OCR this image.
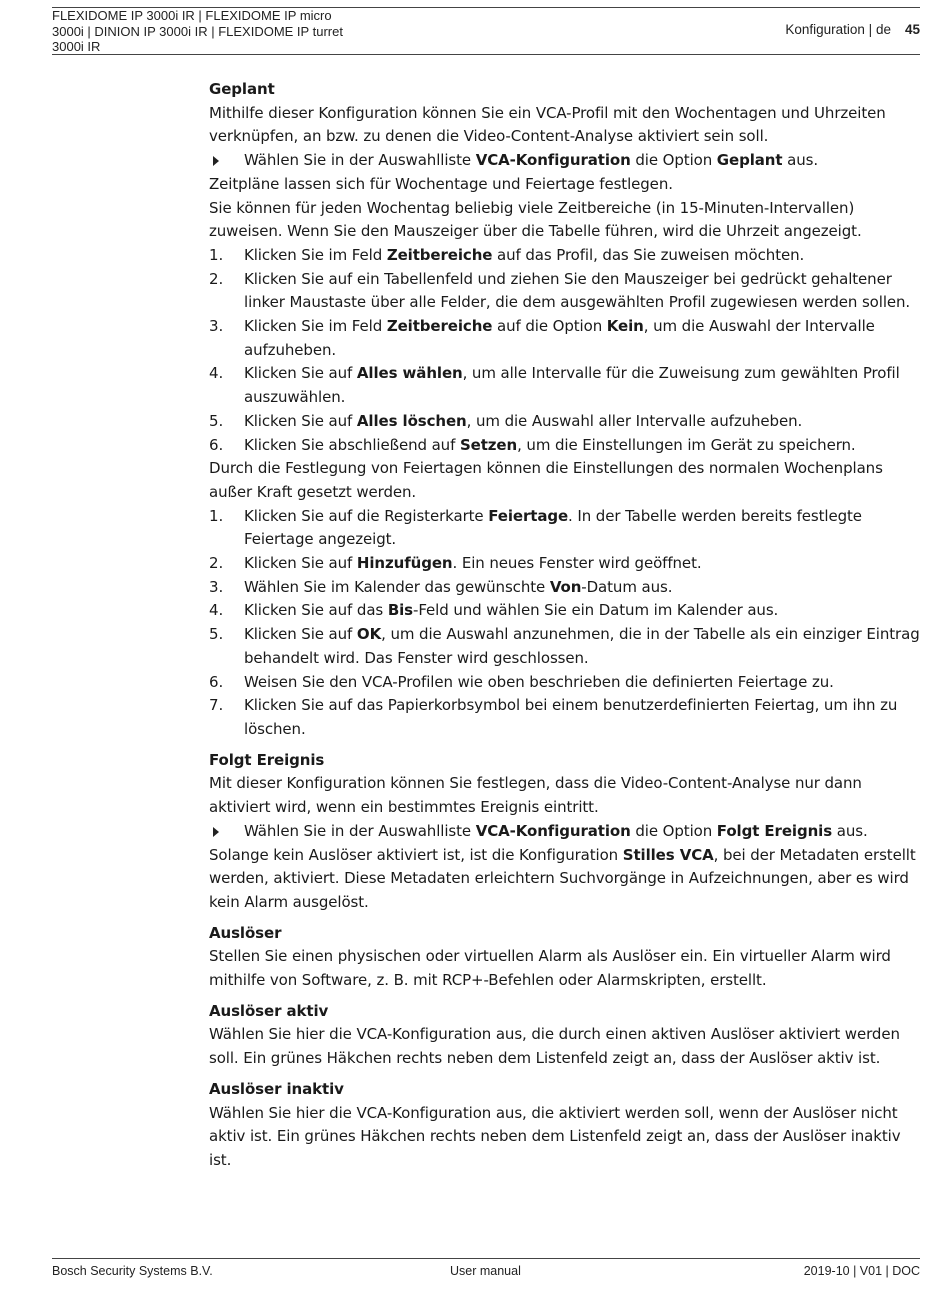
FLEXIDOME IP 3000i IR | FLEXIDOME IP micro
3000i | DINION IP 3000i IR | FLEXIDOME IP turret
3000i IR
Konfiguration | de 45

Geplant

Mithilfe dieser Konfiguration können Sie ein VCA-Profil mit den Wochentagen und Uhrzeiten verknüpfen, an bzw. zu denen die Video-Content-Analyse aktiviert sein soll.

Wählen Sie in der Auswahlliste VCA-Konfiguration die Option Geplant aus.

Zeitpläne lassen sich für Wochentage und Feiertage festlegen.

Sie können für jeden Wochentag beliebig viele Zeitbereiche (in 15-Minuten-Intervallen) zuweisen. Wenn Sie den Mauszeiger über die Tabelle führen, wird die Uhrzeit angezeigt.

1. Klicken Sie im Feld Zeitbereiche auf das Profil, das Sie zuweisen möchten.
2. Klicken Sie auf ein Tabellenfeld und ziehen Sie den Mauszeiger bei gedrückt gehaltener linker Maustaste über alle Felder, die dem ausgewählten Profil zugewiesen werden sollen.
3. Klicken Sie im Feld Zeitbereiche auf die Option Kein, um die Auswahl der Intervalle aufzuheben.
4. Klicken Sie auf Alles wählen, um alle Intervalle für die Zuweisung zum gewählten Profil auszuwählen.
5. Klicken Sie auf Alles löschen, um die Auswahl aller Intervalle aufzuheben.
6. Klicken Sie abschließend auf Setzen, um die Einstellungen im Gerät zu speichern.

Durch die Festlegung von Feiertagen können die Einstellungen des normalen Wochenplans außer Kraft gesetzt werden.

1. Klicken Sie auf die Registerkarte Feiertage. In der Tabelle werden bereits festlegte Feiertage angezeigt.
2. Klicken Sie auf Hinzufügen. Ein neues Fenster wird geöffnet.
3. Wählen Sie im Kalender das gewünschte Von-Datum aus.
4. Klicken Sie auf das Bis-Feld und wählen Sie ein Datum im Kalender aus.
5. Klicken Sie auf OK, um die Auswahl anzunehmen, die in der Tabelle als ein einziger Eintrag behandelt wird. Das Fenster wird geschlossen.
6. Weisen Sie den VCA-Profilen wie oben beschrieben die definierten Feiertage zu.
7. Klicken Sie auf das Papierkorbsymbol bei einem benutzerdefinierten Feiertag, um ihn zu löschen.

Folgt Ereignis

Mit dieser Konfiguration können Sie festlegen, dass die Video-Content-Analyse nur dann aktiviert wird, wenn ein bestimmtes Ereignis eintritt.

Wählen Sie in der Auswahlliste VCA-Konfiguration die Option Folgt Ereignis aus.

Solange kein Auslöser aktiviert ist, ist die Konfiguration Stilles VCA, bei der Metadaten erstellt werden, aktiviert. Diese Metadaten erleichtern Suchvorgänge in Aufzeichnungen, aber es wird kein Alarm ausgelöst.

Auslöser

Stellen Sie einen physischen oder virtuellen Alarm als Auslöser ein. Ein virtueller Alarm wird mithilfe von Software, z. B. mit RCP+-Befehlen oder Alarmskripten, erstellt.

Auslöser aktiv

Wählen Sie hier die VCA-Konfiguration aus, die durch einen aktiven Auslöser aktiviert werden soll. Ein grünes Häkchen rechts neben dem Listenfeld zeigt an, dass der Auslöser aktiv ist.

Auslöser inaktiv

Wählen Sie hier die VCA-Konfiguration aus, die aktiviert werden soll, wenn der Auslöser nicht aktiv ist. Ein grünes Häkchen rechts neben dem Listenfeld zeigt an, dass der Auslöser inaktiv ist.

Bosch Security Systems B.V.	User manual	2019-10 | V01 | DOC
